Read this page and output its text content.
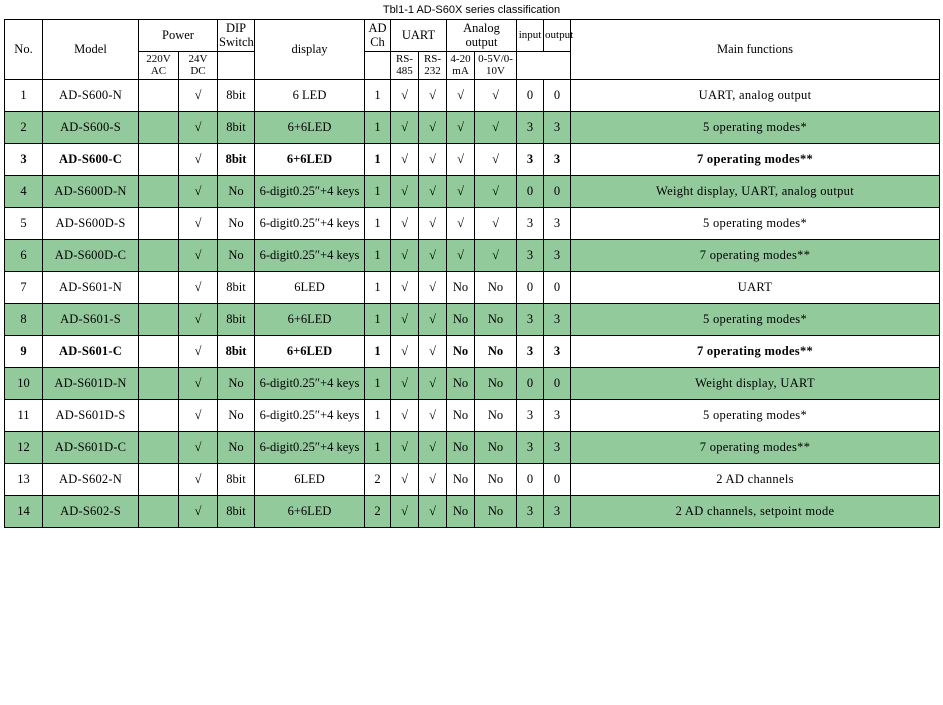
Tbl1-1 AD-S60X series classification
No.	Model	Power		DIP Switch	display	AD Ch	UART		Analog output		input	output	Main functions
		220V AC	24V DC				RS-485	RS-232	4-20 mA	0-5V/0-10V			

1	AD-S600-N		√	8bit	6 LED	1	√	√	√	√	0	0	UART, analog output
2	AD-S600-S		√	8bit	6+6LED	1	√	√	√	√	3	3	5 operating modes*
3	AD-S600-C		√	8bit	6+6LED	1	√	√	√	√	3	3	7 operating modes**
4	AD-S600D-N		√	No	6-digit0.25″+4 keys	1	√	√	√	√	0	0	Weight display, UART, analog output
5	AD-S600D-S		√	No	6-digit0.25″+4 keys	1	√	√	√	√	3	3	5 operating modes*
6	AD-S600D-C		√	No	6-digit0.25″+4 keys	1	√	√	√	√	3	3	7 operating modes**
7	AD-S601-N		√	8bit	6LED	1	√	√	No	No	0	0	UART
8	AD-S601-S		√	8bit	6+6LED	1	√	√	No	No	3	3	5 operating modes*
9	AD-S601-C		√	8bit	6+6LED	1	√	√	No	No	3	3	7 operating modes**
10	AD-S601D-N		√	No	6-digit0.25″+4 keys	1	√	√	No	No	0	0	Weight display, UART
11	AD-S601D-S		√	No	6-digit0.25″+4 keys	1	√	√	No	No	3	3	5 operating modes*
12	AD-S601D-C		√	No	6-digit0.25″+4 keys	1	√	√	No	No	3	3	7 operating modes**
13	AD-S602-N		√	8bit	6LED	2	√	√	No	No	0	0	2 AD channels
14	AD-S602-S		√	8bit	6+6LED	2	√	√	No	No	3	3	2 AD channels, setpoint mode
